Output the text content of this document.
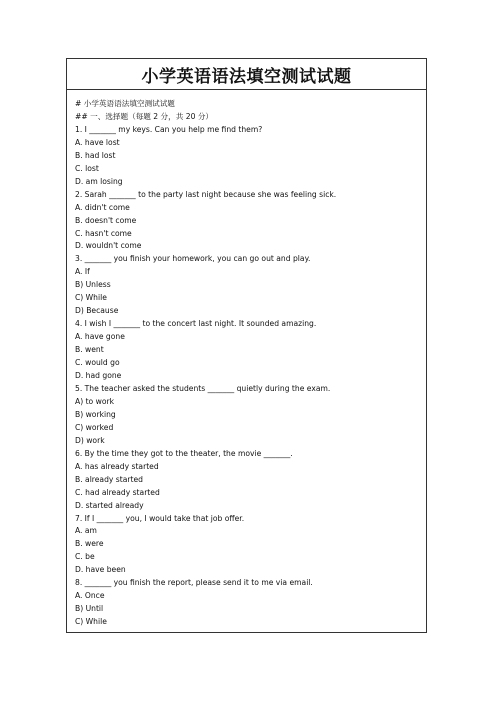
小学英语语法填空测试试题
# 小学英语语法填空测试试题
## 一、选择题（每题 2 分，共 20 分）
1. I _______ my keys. Can you help me find them?
A. have lost
B. had lost
C. lost
D. am losing
2. Sarah _______ to the party last night because she was feeling sick.
A. didn't come
B. doesn't come
C. hasn't come
D. wouldn't come
3. _______ you finish your homework, you can go out and play.
A. If
B) Unless
C) While
D) Because
4. I wish I _______ to the concert last night. It sounded amazing.
A. have gone
B. went
C. would go
D. had gone
5. The teacher asked the students _______ quietly during the exam.
A) to work
B) working
C) worked
D) work
6. By the time they got to the theater, the movie _______.
A. has already started
B. already started
C. had already started
D. started already
7. If I _______ you, I would take that job offer.
A. am
B. were
C. be
D. have been
8. _______ you finish the report, please send it to me via email.
A. Once
B) Until
C) While
